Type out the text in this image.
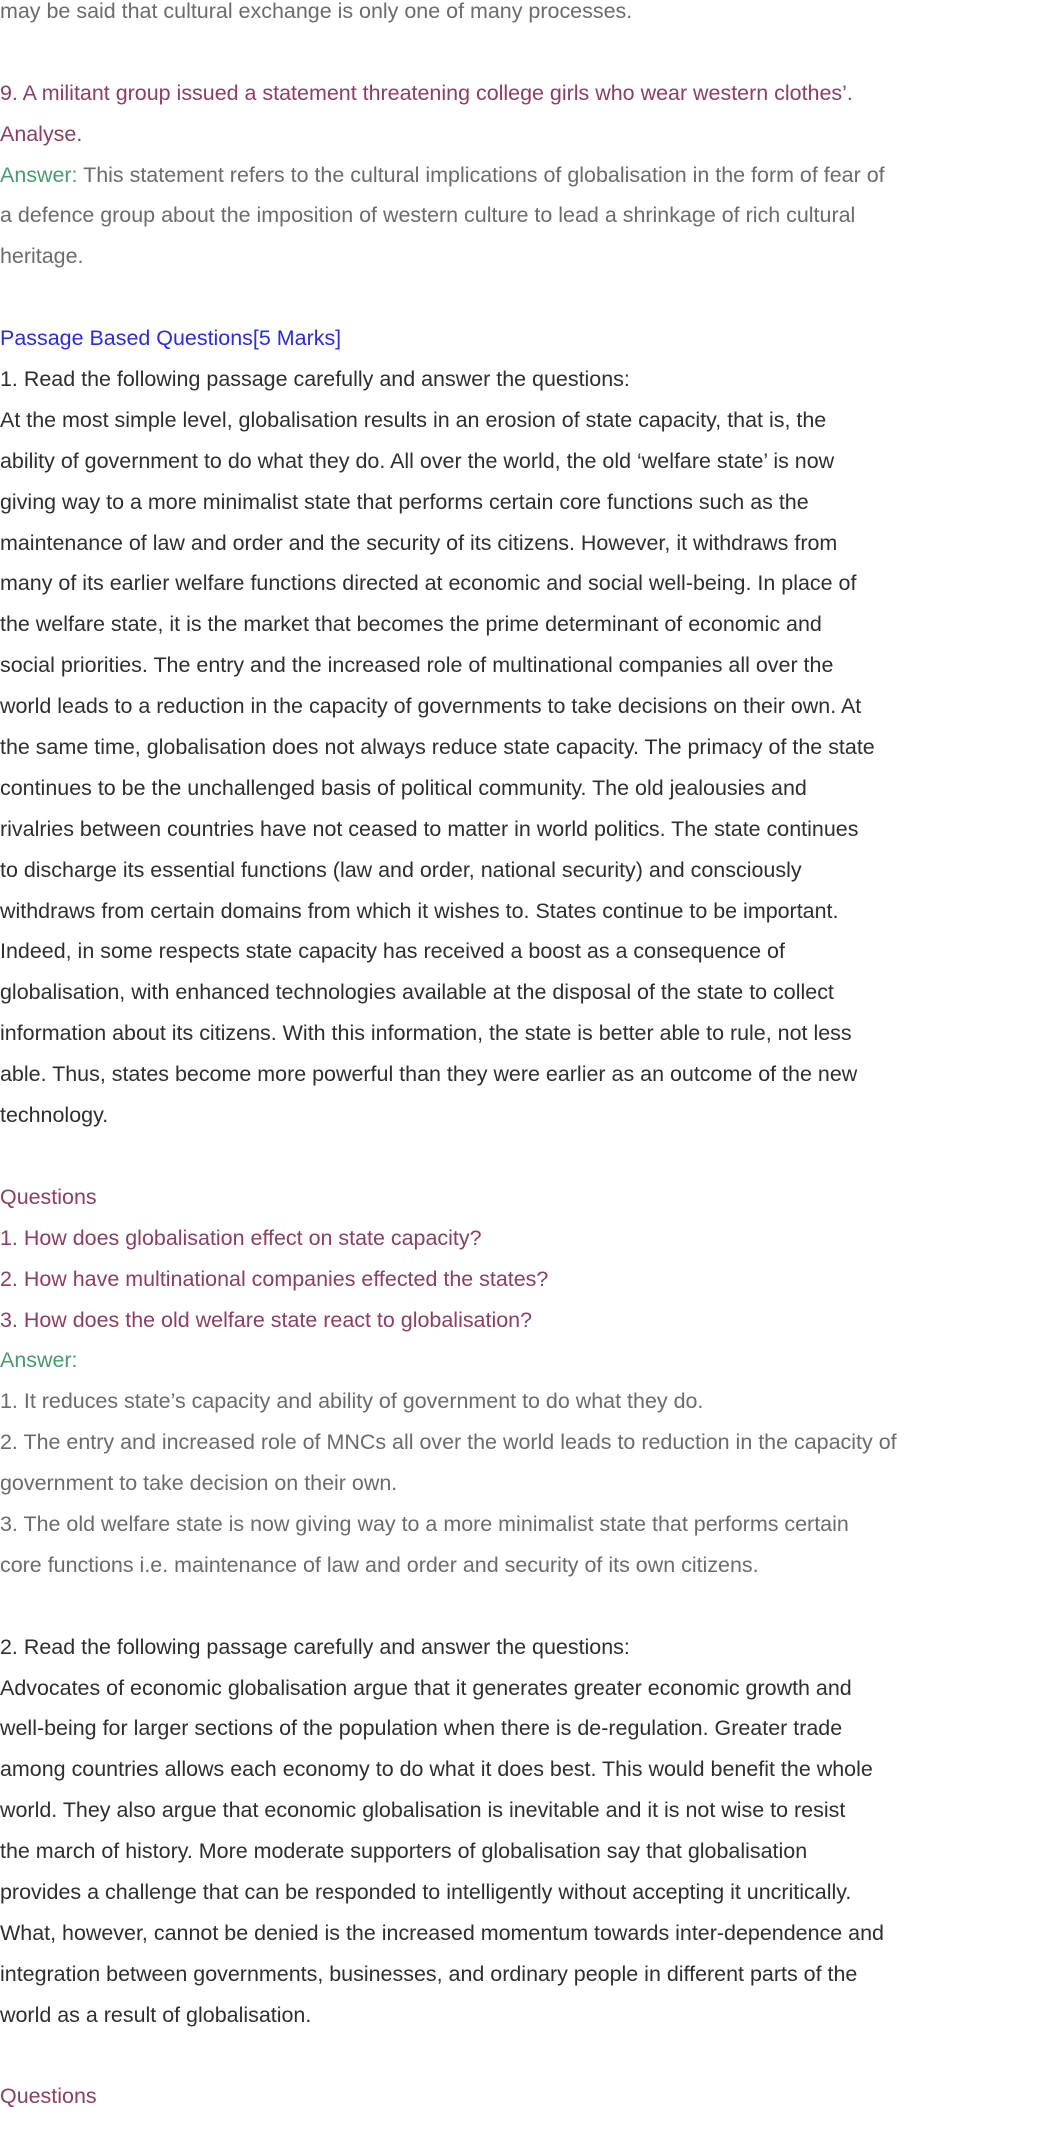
may be said that cultural exchange is only one of many processes.
9. A militant group issued a statement threatening college girls who wear western clothes’.
Analyse.
Answer: This statement refers to the cultural implications of globalisation in the form of fear of
a defence group about the imposition of western culture to lead a shrinkage of rich cultural
heritage.
Passage Based Questions[5 Marks]
1. Read the following passage carefully and answer the questions:
At the most simple level, globalisation results in an erosion of state capacity, that is, the
ability of government to do what they do. All over the world, the old ‘welfare state’ is now
giving way to a more minimalist state that performs certain core functions such as the
maintenance of law and order and the security of its citizens. However, it withdraws from
many of its earlier welfare functions directed at economic and social well-being. In place of
the welfare state, it is the market that becomes the prime determinant of economic and
social priorities. The entry and the increased role of multinational companies all over the
world leads to a reduction in the capacity of governments to take decisions on their own. At
the same time, globalisation does not always reduce state capacity. The primacy of the state
continues to be the unchallenged basis of political community. The old jealousies and
rivalries between countries have not ceased to matter in world politics. The state continues
to discharge its essential functions (law and order, national security) and consciously
withdraws from certain domains from which it wishes to. States continue to be important.
Indeed, in some respects state capacity has received a boost as a consequence of
globalisation, with enhanced technologies available at the disposal of the state to collect
information about its citizens. With this information, the state is better able to rule, not less
able. Thus, states become more powerful than they were earlier as an outcome of the new
technology.
Questions
1. How does globalisation effect on state capacity?
2. How have multinational companies effected the states?
3. How does the old welfare state react to globalisation?
Answer:
1. It reduces state’s capacity and ability of government to do what they do.
2. The entry and increased role of MNCs all over the world leads to reduction in the capacity of
government to take decision on their own.
3. The old welfare state is now giving way to a more minimalist state that performs certain
core functions i.e. maintenance of law and order and security of its own citizens.
2. Read the following passage carefully and answer the questions:
Advocates of economic globalisation argue that it generates greater economic growth and
well-being for larger sections of the population when there is de-regulation. Greater trade
among countries allows each economy to do what it does best. This would benefit the whole
world. They also argue that economic globalisation is inevitable and it is not wise to resist
the march of history. More moderate supporters of globalisation say that globalisation
provides a challenge that can be responded to intelligently without accepting it uncritically.
What, however, cannot be denied is the increased momentum towards inter-dependence and
integration between governments, businesses, and ordinary people in different parts of the
world as a result of globalisation.
Questions
